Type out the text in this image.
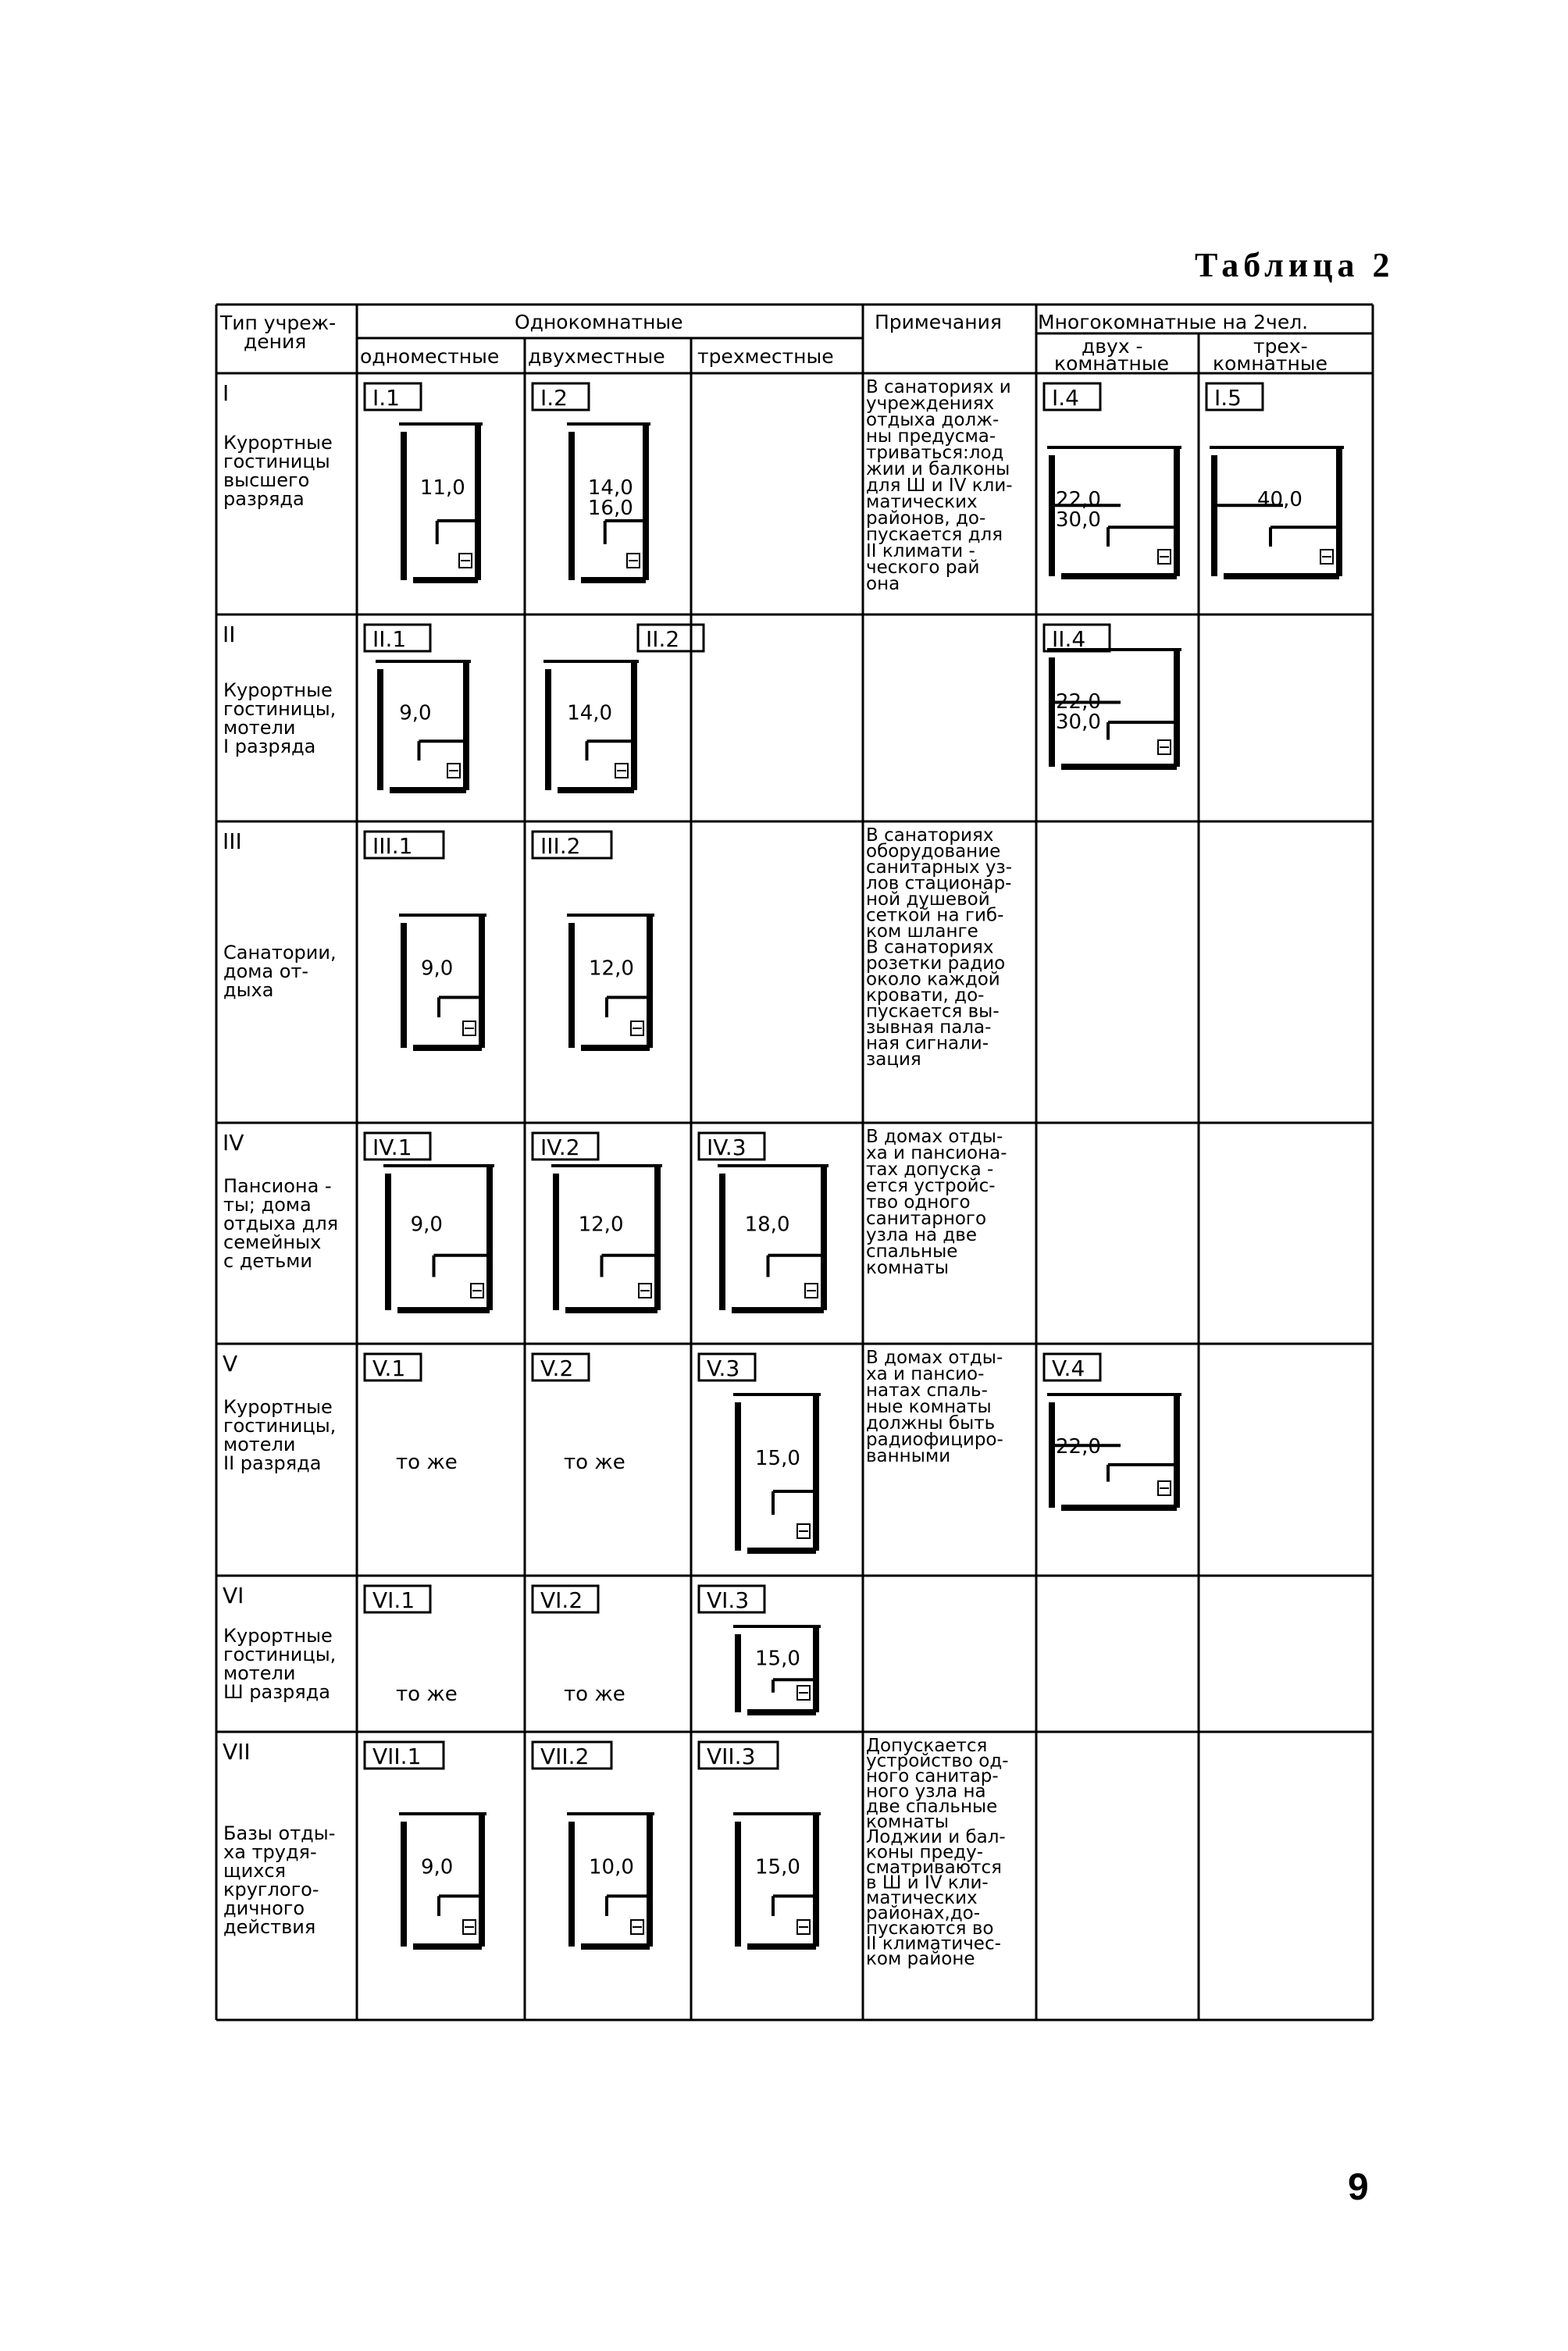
Таблица 2
Тип учреж-
дения
Однокомнатные
одноместные двухместные трехместные
Примечания Многокомнатные на 2чел.
двух -
комнатные
трех-
комнатные
I
Курортные
гостиницы
высшего
разряда
В санаториях и
учреждениях
отдыха долж-
ны предусма-
триваться:лод
жии и балконы
для Ш и IV кли-
матических
районов, до-
пускается для
II климати -
ческого рай
она
I.1
11,0
I.2
14,0
16,0
I.4
22,0
30,0
I.5
40,0
II
Курортные
гостиницы,
мотели
I разряда
II.1
9,0
II.2
14,0
II.4
22,0
30,0
III
Санатории,
дома от-
дыха
В санаториях
оборудование
санитарных уз-
лов стационар-
ной душевой
сеткой на гиб-
ком шланге
В санаториях
розетки радио
около каждой
кровати, до-
пускается вы-
зывная пала-
ная сигнали-
зация
III.1
9,0
III.2
12,0
IV
Пансиона -
ты; дома
отдыха для
семейных
с детьми
В домах отды-
ха и пансиона-
тах допуска -
ется устройс-
тво одного
санитарного
узла на две
спальные
комнаты
IV.1
9,0
IV.2
12,0
IV.3
18,0
V
Курортные
гостиницы,
мотели
II разряда
В домах отды-
ха и пансио-
натах спаль-
ные комнаты
должны быть
радиофициро-
ванными
V.1
то же
V.2
то же
V.3
15,0
V.4
22,0
VI
Курортные
гостиницы,
мотели
Ш разряда
VI.1
то же
VI.2
то же
VI.3
15,0
VII
Базы отды-
ха трудя-
щихся
круглого-
дичного
действия
Допускается
устройство од-
ного санитар-
ного узла на
две спальные
комнаты
Лоджии и бал-
коны преду-
сматриваются
в Ш и IV кли-
матических
районах,до-
пускаются во
II климатичес-
ком районе
VII.1
9,0
VII.2
10,0
VII.3
15,0
9
